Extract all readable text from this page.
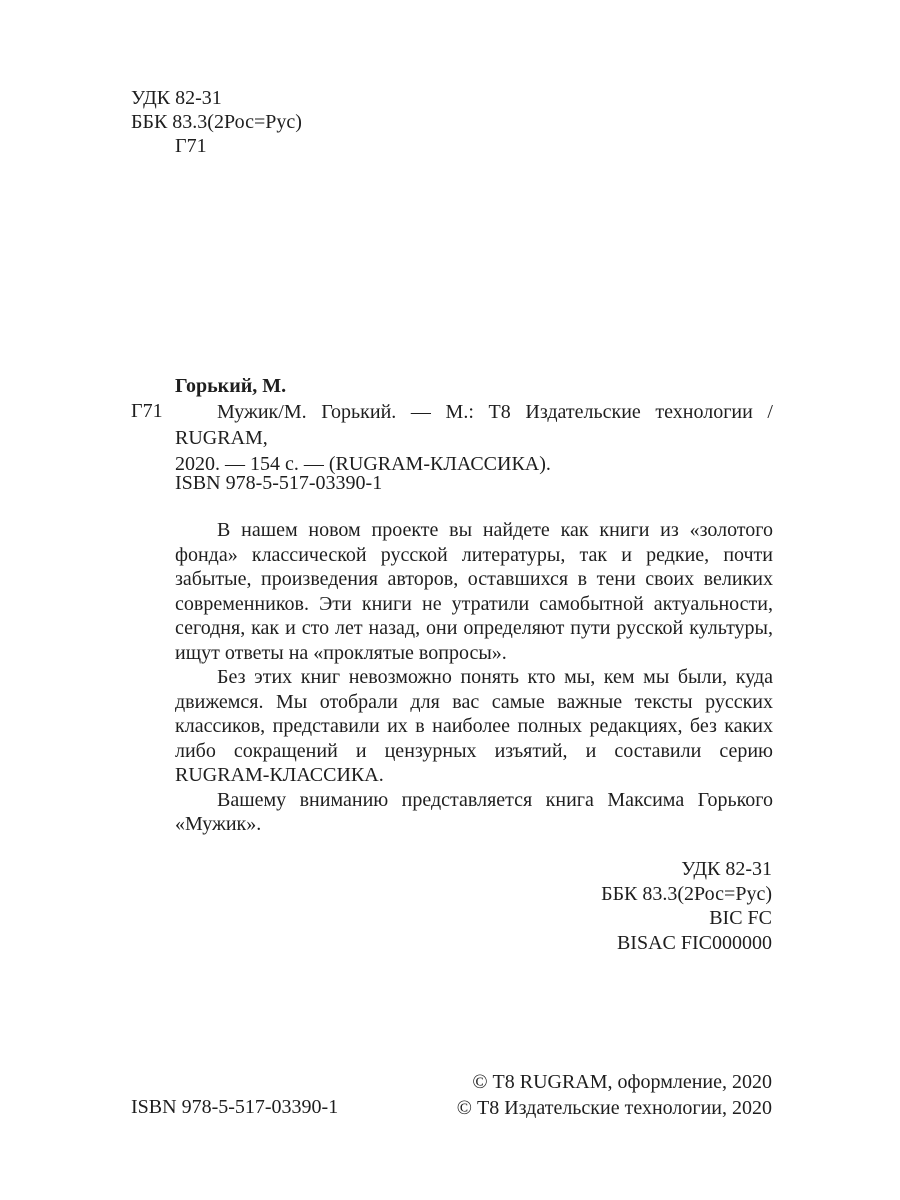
УДК 82-31
ББК 83.3(2Рос=Рус)
Г71
Горький, М.
Г71	Мужик/М. Горький. — М.: Т8 Издательские технологии / RUGRAM,
2020. — 154 с. — (RUGRAM-КЛАССИКА).
ISBN 978-5-517-03390-1

В нашем новом проекте вы найдете как книги из «золотого фонда» классической русской литературы, так и редкие, почти забытые, произведения авторов, оставшихся в тени своих великих современников. Эти книги не утратили самобытной актуальности, сегодня, как и сто лет назад, они определяют пути русской культуры, ищут ответы на «проклятые вопросы».

Без этих книг невозможно понять кто мы, кем мы были, куда движемся. Мы отобрали для вас самые важные тексты русских классиков, представили их в наиболее полных редакциях, без каких либо сокращений и цензурных изъятий, и составили серию RUGRAM-КЛАССИКА.

Вашему вниманию представляется книга Максима Горького «Мужик».

УДК 82-31
ББК 83.3(2Рос=Рус)
BIC FC
BISAC FIC000000
ISBN 978-5-517-03390-1
© Т8 RUGRAM, оформление, 2020
© Т8 Издательские технологии, 2020
